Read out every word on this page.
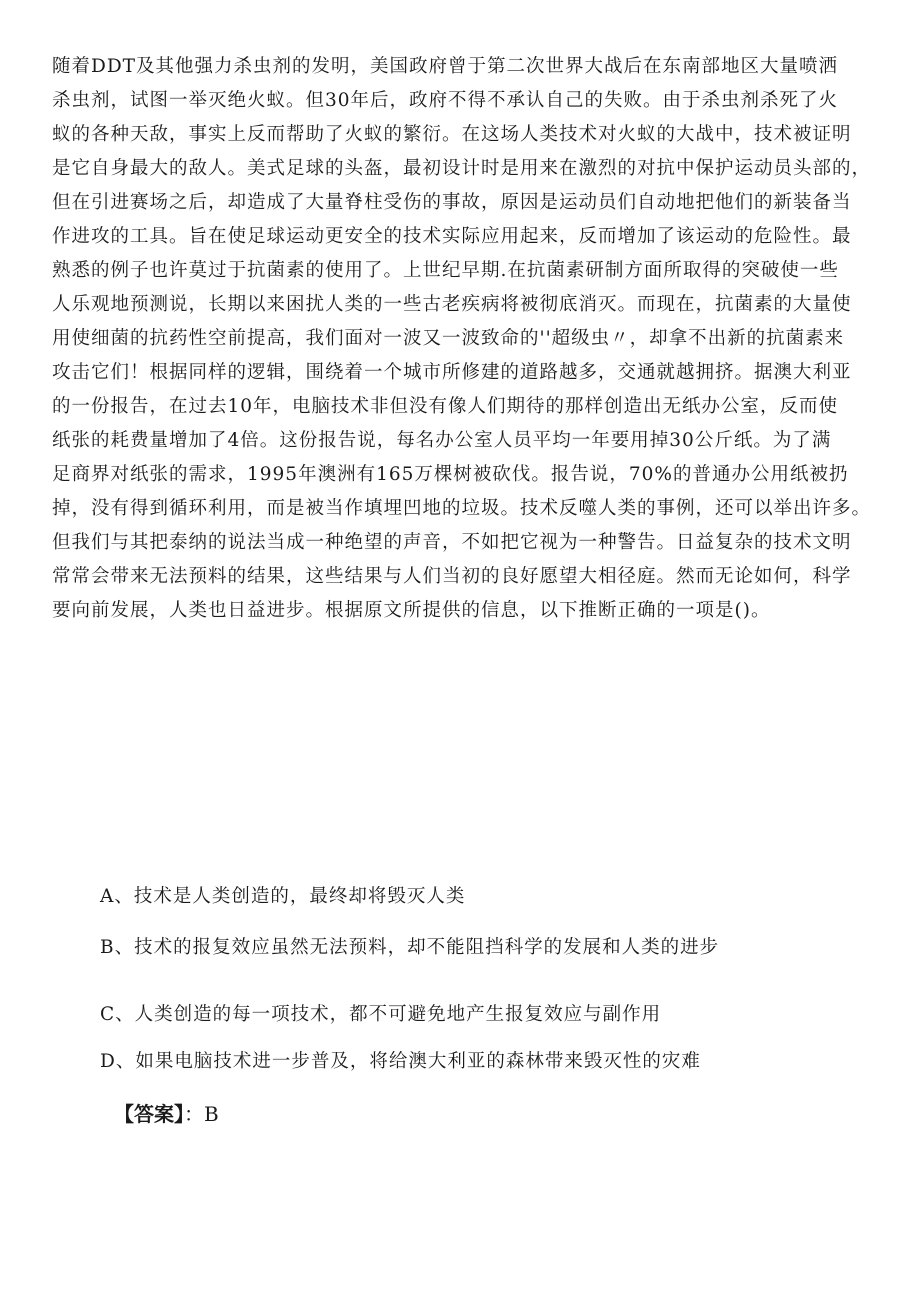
随着DDT及其他强力杀虫剂的发明，美国政府曾于第二次世界大战后在东南部地区大量喷洒
杀虫剂，试图一举灭绝火蚁。但30年后，政府不得不承认自己的失败。由于杀虫剂杀死了火
蚁的各种天敌，事实上反而帮助了火蚁的繁衍。在这场人类技术对火蚁的大战中，技术被证明
是它自身最大的敌人。美式足球的头盔，最初设计时是用来在激烈的对抗中保护运动员头部的，
但在引进赛场之后，却造成了大量脊柱受伤的事故，原因是运动员们自动地把他们的新装备当
作进攻的工具。旨在使足球运动更安全的技术实际应用起来，反而增加了该运动的危险性。最
熟悉的例子也许莫过于抗菌素的使用了。上世纪早期.在抗菌素研制方面所取得的突破使一些
人乐观地预测说，长期以来困扰人类的一些古老疾病将被彻底消灭。而现在，抗菌素的大量使
用使细菌的抗药性空前提高，我们面对一波又一波致命的''超级虫〃，却拿不出新的抗菌素来
攻击它们！根据同样的逻辑，围绕着一个城市所修建的道路越多，交通就越拥挤。据澳大利亚
的一份报告，在过去10年，电脑技术非但没有像人们期待的那样创造出无纸办公室，反而使
纸张的耗费量增加了4倍。这份报告说，每名办公室人员平均一年要用掉30公斤纸。为了满
足商界对纸张的需求，1995年澳洲有165万棵树被砍伐。报告说，70%的普通办公用纸被扔
掉，没有得到循环利用，而是被当作填埋凹地的垃圾。技术反噬人类的事例，还可以举出许多。
但我们与其把泰纳的说法当成一种绝望的声音，不如把它视为一种警告。日益复杂的技术文明
常常会带来无法预料的结果，这些结果与人们当初的良好愿望大相径庭。然而无论如何，科学
要向前发展，人类也日益进步。根据原文所提供的信息，以下推断正确的一项是()。
A、技术是人类创造的，最终却将毁灭人类
B、技术的报复效应虽然无法预料，却不能阻挡科学的发展和人类的进步
C、人类创造的每一项技术，都不可避免地产生报复效应与副作用
D、如果电脑技术进一步普及，将给澳大利亚的森林带来毁灭性的灾难
【答案】：B
